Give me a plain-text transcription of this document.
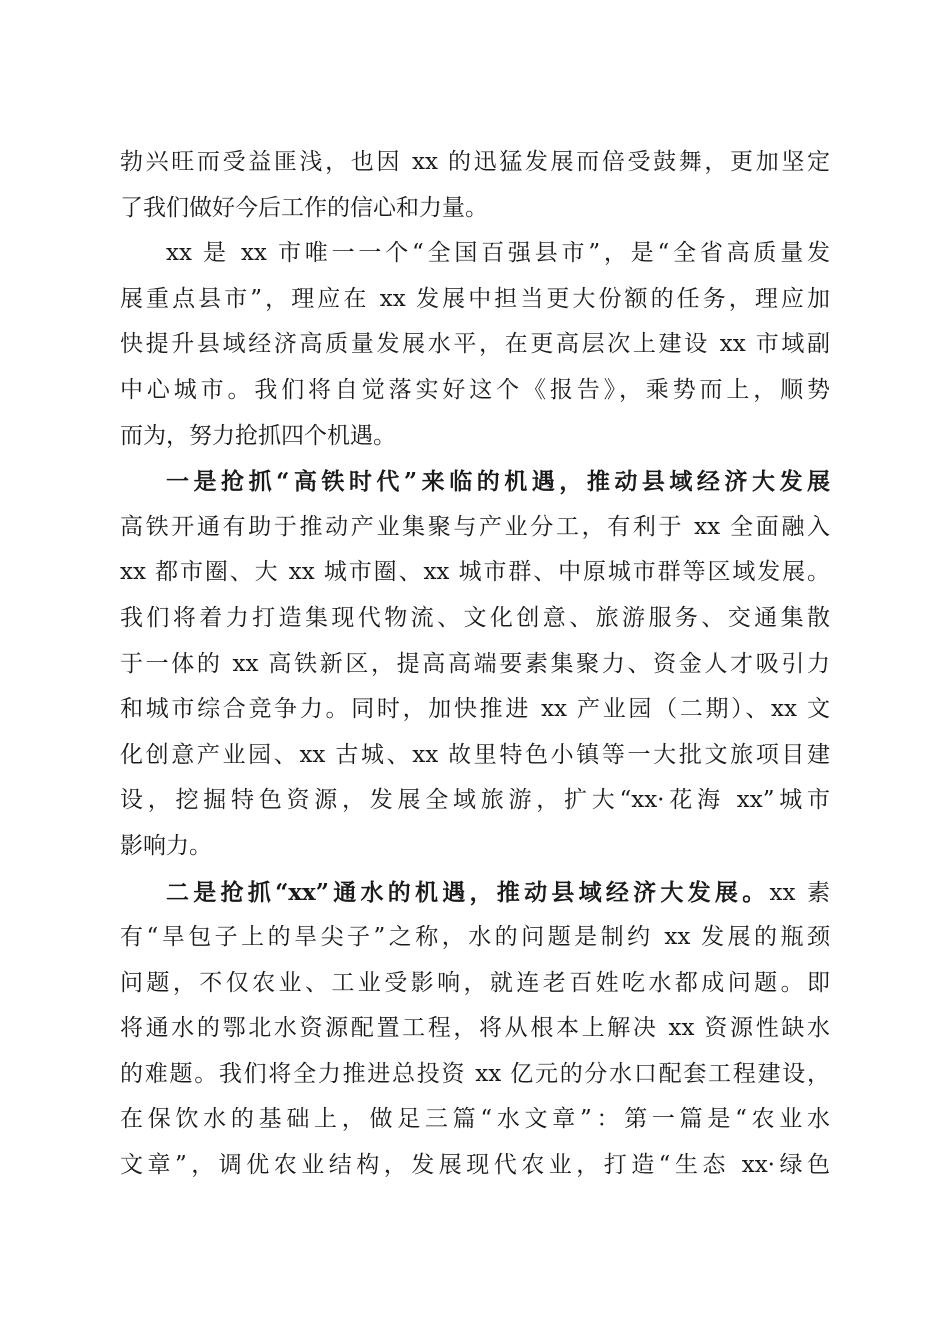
勃兴旺而受益匪浅，也因 xx 的迅猛发展而倍受鼓舞，更加坚定
了我们做好今后工作的信心和力量。
xx 是 xx 市唯一一个“全国百强县市”，是“全省高质量发
展重点县市”，理应在 xx 发展中担当更大份额的任务，理应加
快提升县域经济高质量发展水平，在更高层次上建设 xx 市域副
中心城市。我们将自觉落实好这个《报告》，乘势而上，顺势
而为，努力抢抓四个机遇。
一是抢抓“高铁时代”来临的机遇，推动县域经济大发展
高铁开通有助于推动产业集聚与产业分工，有利于 xx 全面融入
xx 都市圈、大 xx 城市圈、xx 城市群、中原城市群等区域发展。
我们将着力打造集现代物流、文化创意、旅游服务、交通集散
于一体的 xx 高铁新区，提高高端要素集聚力、资金人才吸引力
和城市综合竞争力。同时，加快推进 xx 产业园（二期）、xx 文
化创意产业园、xx 古城、xx 故里特色小镇等一大批文旅项目建
设，挖掘特色资源，发展全域旅游，扩大“xx·花海 xx”城市
影响力。
二是抢抓“xx”通水的机遇，推动县域经济大发展。xx 素
有“旱包子上的旱尖子”之称，水的问题是制约 xx 发展的瓶颈
问题，不仅农业、工业受影响，就连老百姓吃水都成问题。即
将通水的鄂北水资源配置工程，将从根本上解决 xx 资源性缺水
的难题。我们将全力推进总投资 xx 亿元的分水口配套工程建设，
在保饮水的基础上，做足三篇“水文章”：第一篇是“农业水
文章”，调优农业结构，发展现代农业，打造“生态 xx·绿色
